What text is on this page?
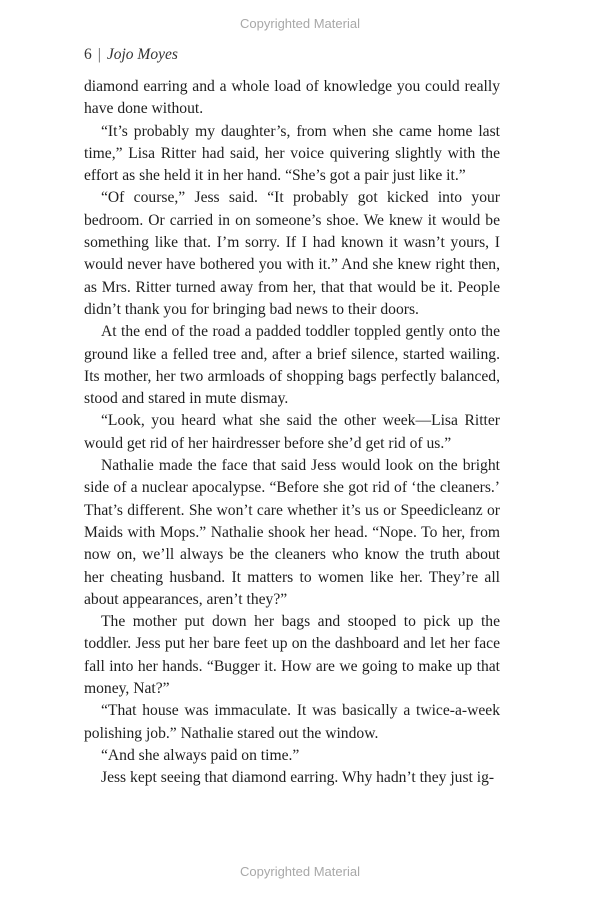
Copyrighted Material
6 | Jojo Moyes

diamond earring and a whole load of knowledge you could really have done without.

“It’s probably my daughter’s, from when she came home last time,” Lisa Ritter had said, her voice quivering slightly with the effort as she held it in her hand. “She’s got a pair just like it.”

“Of course,” Jess said. “It probably got kicked into your bedroom. Or carried in on someone’s shoe. We knew it would be something like that. I’m sorry. If I had known it wasn’t yours, I would never have bothered you with it.” And she knew right then, as Mrs. Ritter turned away from her, that that would be it. People didn’t thank you for bringing bad news to their doors.

At the end of the road a padded toddler toppled gently onto the ground like a felled tree and, after a brief silence, started wailing. Its mother, her two armloads of shopping bags perfectly balanced, stood and stared in mute dismay.

“Look, you heard what she said the other week—Lisa Ritter would get rid of her hairdresser before she’d get rid of us.”

Nathalie made the face that said Jess would look on the bright side of a nuclear apocalypse. “Before she got rid of ‘the cleaners.’ That’s different. She won’t care whether it’s us or Speedicleanz or Maids with Mops.” Nathalie shook her head. “Nope. To her, from now on, we’ll always be the cleaners who know the truth about her cheating husband. It matters to women like her. They’re all about appearances, aren’t they?”

The mother put down her bags and stooped to pick up the toddler. Jess put her bare feet up on the dashboard and let her face fall into her hands. “Bugger it. How are we going to make up that money, Nat?”

“That house was immaculate. It was basically a twice-a-week polishing job.” Nathalie stared out the window.

“And she always paid on time.”

Jess kept seeing that diamond earring. Why hadn’t they just ig-

Copyrighted Material
